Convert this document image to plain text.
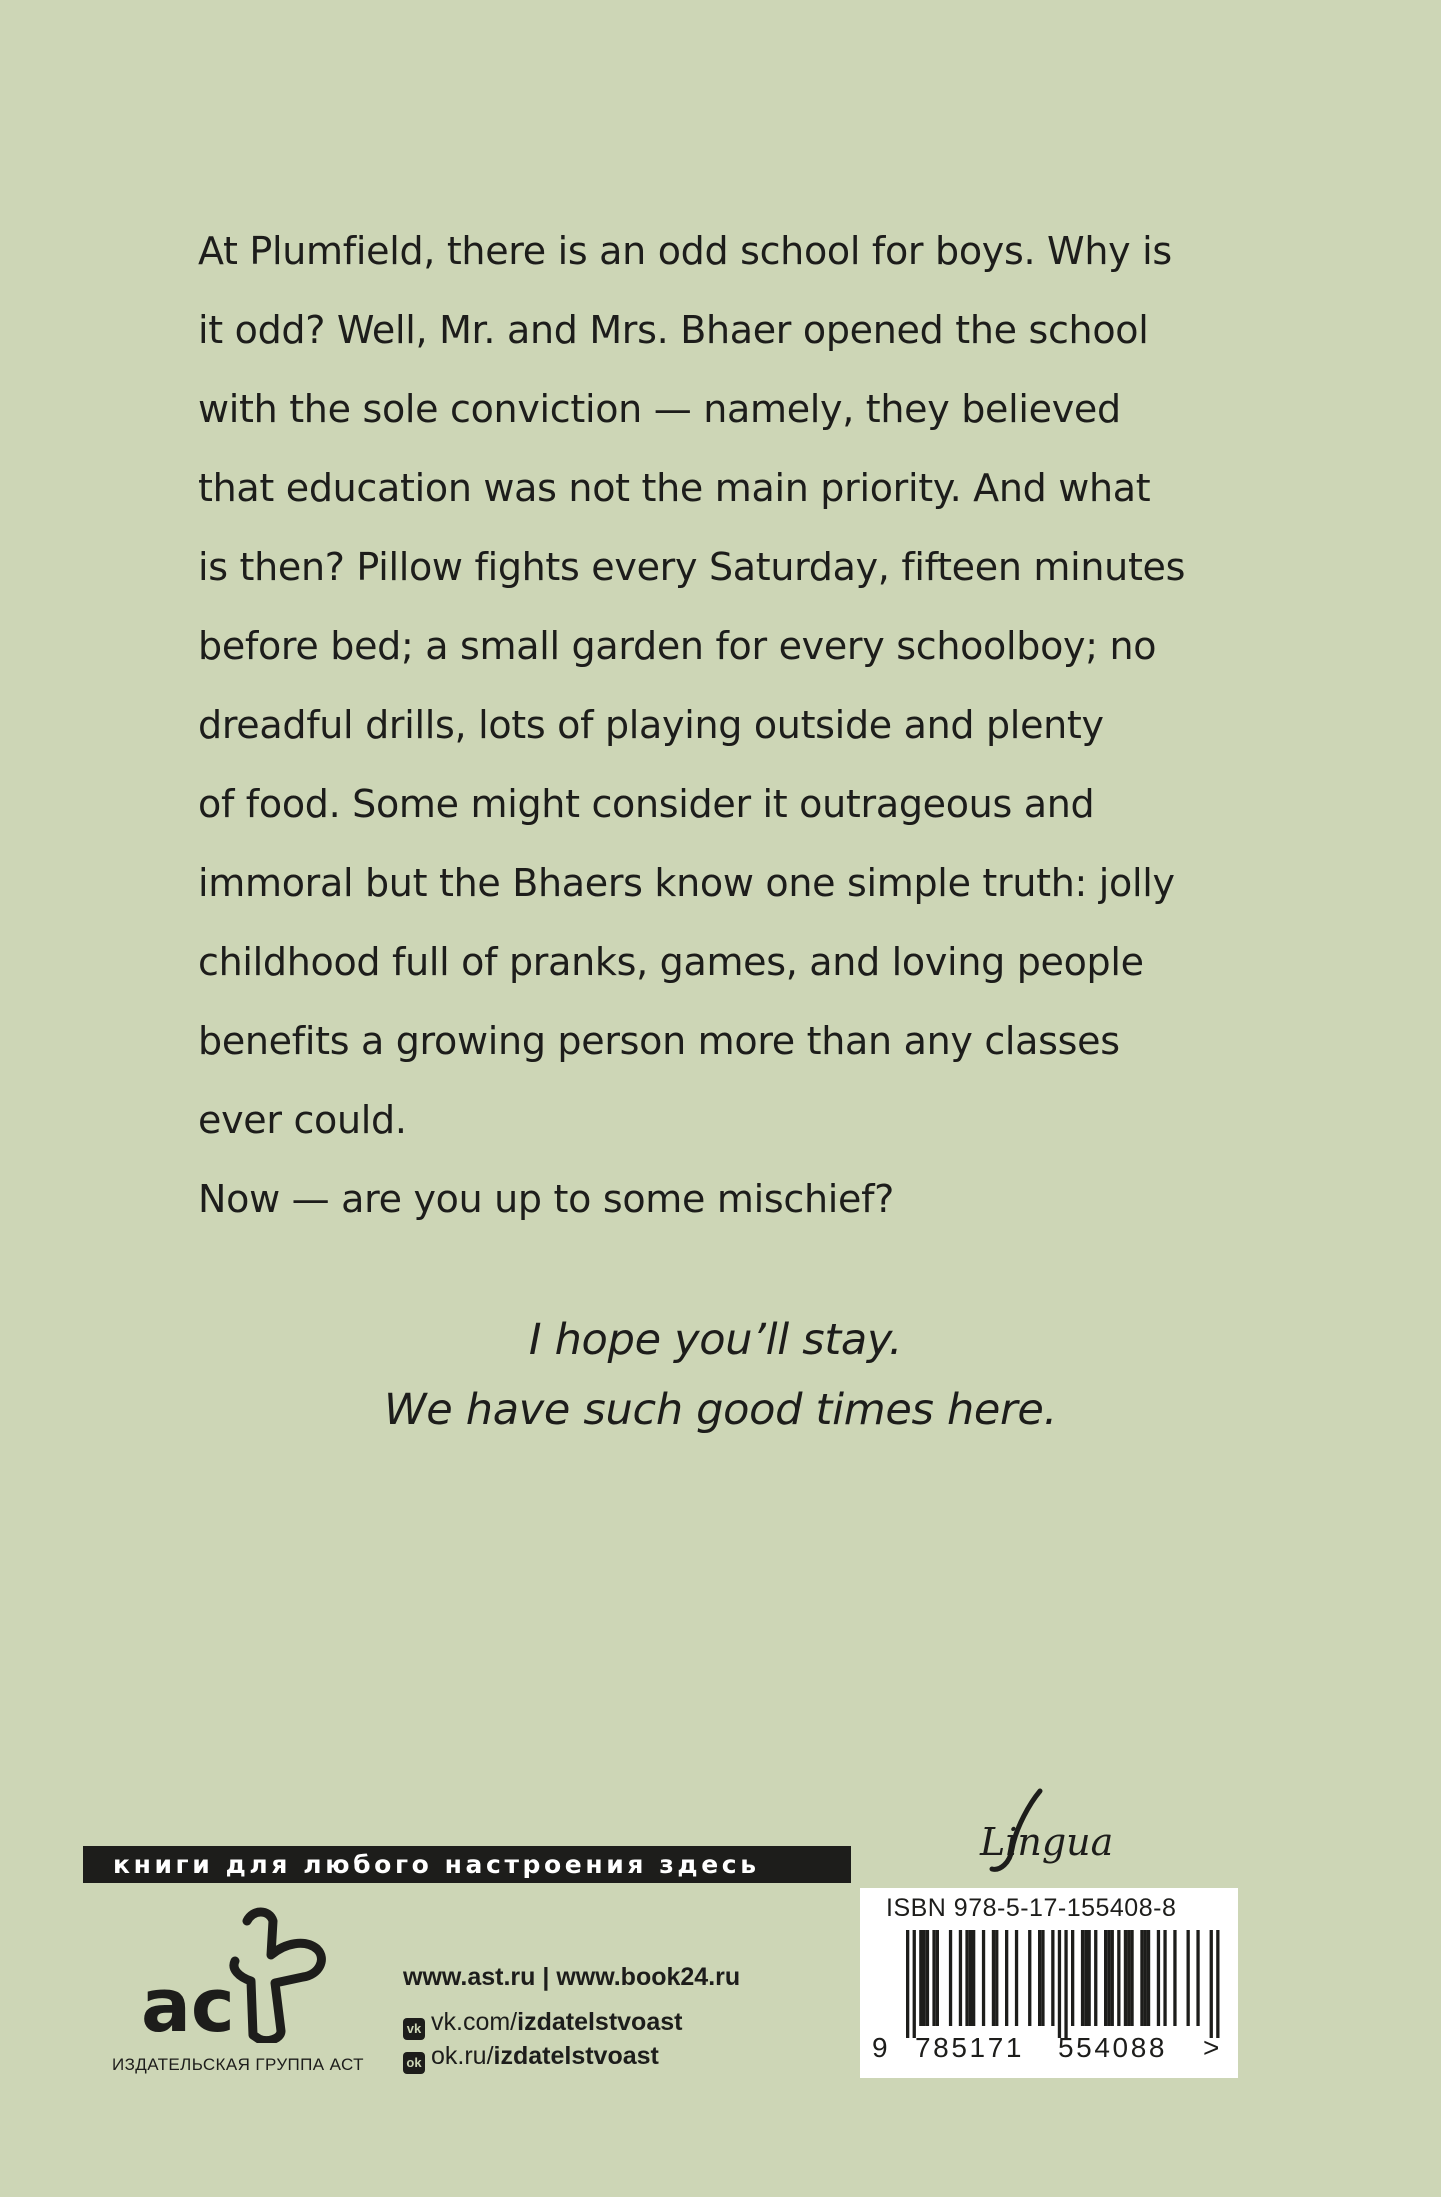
At Plumfield, there is an odd school for boys. Why is
it odd? Well, Mr. and Mrs. Bhaer opened the school
with the sole conviction — namely, they believed
that education was not the main priority. And what
is then? Pillow fights every Saturday, fifteen minutes
before bed; a small garden for every schoolboy; no
dreadful drills, lots of playing outside and plenty
of food. Some might consider it outrageous and
immoral but the Bhaers know one simple truth: jolly
childhood full of pranks, games, and loving people
benefits a growing person more than any classes
ever could.
Now — are you up to some mischief?
I hope you’ll stay.
We have such good times here.
книги для любого настроения здесь
ac
ИЗДАТЕЛЬСКАЯ ГРУППА АСТ
www.ast.ru | www.book24.ru
vk vk.com/izdatelstvoast
ok ok.ru/izdatelstvoast
Lingua
ISBN 978-5-17-155408-8
9 785171 554088 >
